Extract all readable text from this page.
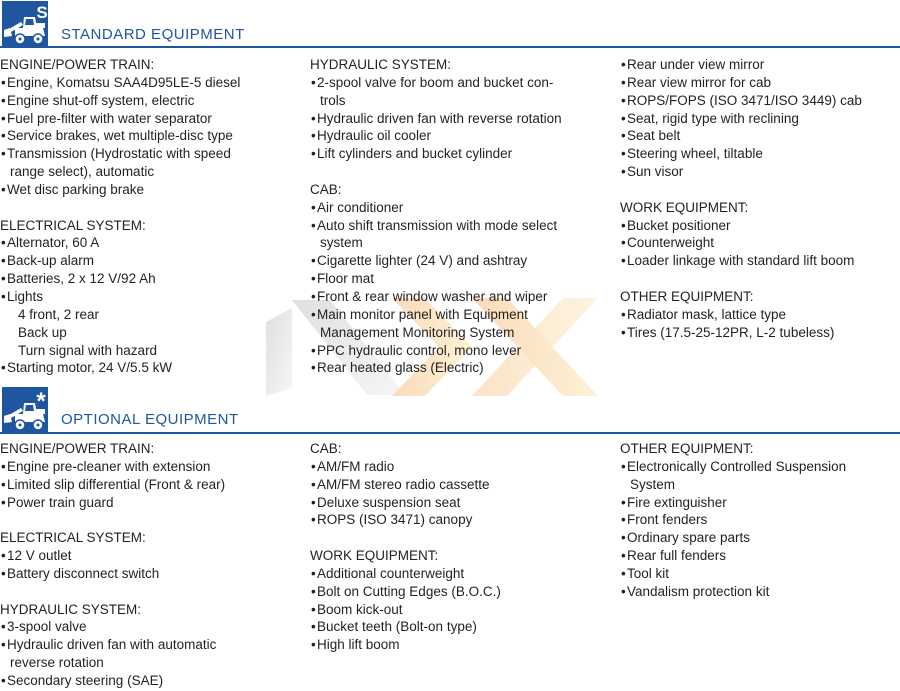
S
STANDARD EQUIPMENT
ENGINE/POWER TRAIN:
• Engine, Komatsu SAA4D95LE-5 diesel
• Engine shut-off system, electric
• Fuel pre-filter with water separator
• Service brakes, wet multiple-disc type
• Transmission (Hydrostatic with speed
range select), automatic
• Wet disc parking brake
ELECTRICAL SYSTEM:
• Alternator, 60 A
• Back-up alarm
• Batteries, 2 x 12 V/92 Ah
• Lights
4 front, 2 rear
Back up
Turn signal with hazard
• Starting motor, 24 V/5.5 kW
HYDRAULIC SYSTEM:
• 2-spool valve for boom and bucket con-
trols
• Hydraulic driven fan with reverse rotation
• Hydraulic oil cooler
• Lift cylinders and bucket cylinder
CAB:
• Air conditioner
• Auto shift transmission with mode select
system
• Cigarette lighter (24 V) and ashtray
• Floor mat
• Front & rear window washer and wiper
• Main monitor panel with Equipment
Management Monitoring System
• PPC hydraulic control, mono lever
• Rear heated glass (Electric)
• Rear under view mirror
• Rear view mirror for cab
• ROPS/FOPS (ISO 3471/ISO 3449) cab
• Seat, rigid type with reclining
• Seat belt
• Steering wheel, tiltable
• Sun visor
WORK EQUIPMENT:
• Bucket positioner
• Counterweight
• Loader linkage with standard lift boom
OTHER EQUIPMENT:
• Radiator mask, lattice type
• Tires (17.5-25-12PR, L-2 tubeless)
*
OPTIONAL EQUIPMENT
ENGINE/POWER TRAIN:
• Engine pre-cleaner with extension
• Limited slip differential (Front & rear)
• Power train guard
ELECTRICAL SYSTEM:
• 12 V outlet
• Battery disconnect switch
HYDRAULIC SYSTEM:
• 3-spool valve
• Hydraulic driven fan with automatic
reverse rotation
• Secondary steering (SAE)
CAB:
• AM/FM radio
• AM/FM stereo radio cassette
• Deluxe suspension seat
• ROPS (ISO 3471) canopy
WORK EQUIPMENT:
• Additional counterweight
• Bolt on Cutting Edges (B.O.C.)
• Boom kick-out
• Bucket teeth (Bolt-on type)
• High lift boom
OTHER EQUIPMENT:
• Electronically Controlled Suspension
System
• Fire extinguisher
• Front fenders
• Ordinary spare parts
• Rear full fenders
• Tool kit
• Vandalism protection kit
